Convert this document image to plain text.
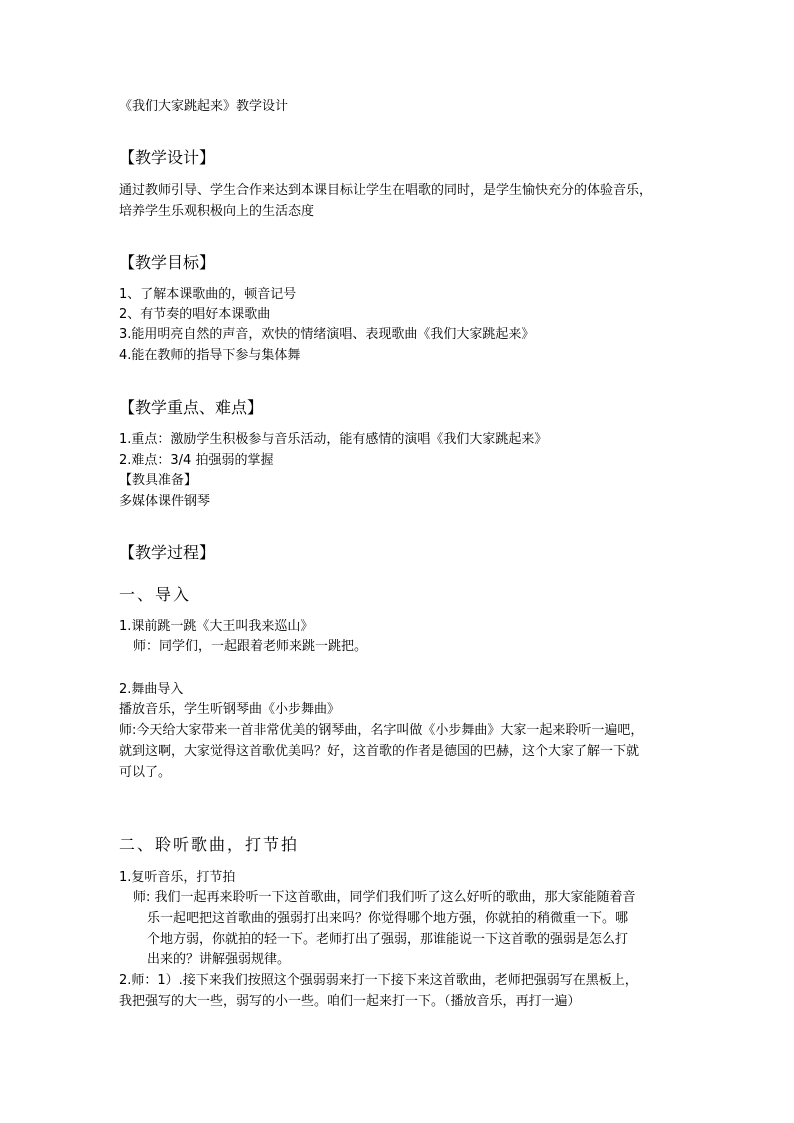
《我们大家跳起来》教学设计
【教学设计】
通过教师引导、学生合作来达到本课目标让学生在唱歌的同时，是学生愉快充分的体验音乐，
培养学生乐观积极向上的生活态度
【教学目标】
1、了解本课歌曲的，顿音记号
2、有节奏的唱好本课歌曲
3.能用明亮自然的声音，欢快的情绪演唱、表现歌曲《我们大家跳起来》
4.能在教师的指导下参与集体舞
【教学重点、难点】
1.重点：激励学生积极参与音乐活动，能有感情的演唱《我们大家跳起来》
2.难点：3/4 拍强弱的掌握
【教具准备】
多媒体课件钢琴
【教学过程】
一、导入
1.课前跳一跳《大王叫我来巡山》
师：同学们，一起跟着老师来跳一跳把。
2.舞曲导入
播放音乐，学生听钢琴曲《小步舞曲》
师:今天给大家带来一首非常优美的钢琴曲，名字叫做《小步舞曲》大家一起来聆听一遍吧，
就到这啊，大家觉得这首歌优美吗？好，这首歌的作者是德国的巴赫，这个大家了解一下就
可以了。
二、聆听歌曲，打节拍
1.复听音乐，打节拍
师: 我们一起再来聆听一下这首歌曲，同学们我们听了这么好听的歌曲，那大家能随着音
乐一起吧把这首歌曲的强弱打出来吗？你觉得哪个地方强，你就拍的稍微重一下。哪
个地方弱，你就拍的轻一下。老师打出了强弱，那谁能说一下这首歌的强弱是怎么打
出来的？讲解强弱规律。
2.师：1）.接下来我们按照这个强弱弱来打一下接下来这首歌曲，老师把强弱写在黑板上，
我把强写的大一些，弱写的小一些。咱们一起来打一下。（播放音乐，再打一遍）
